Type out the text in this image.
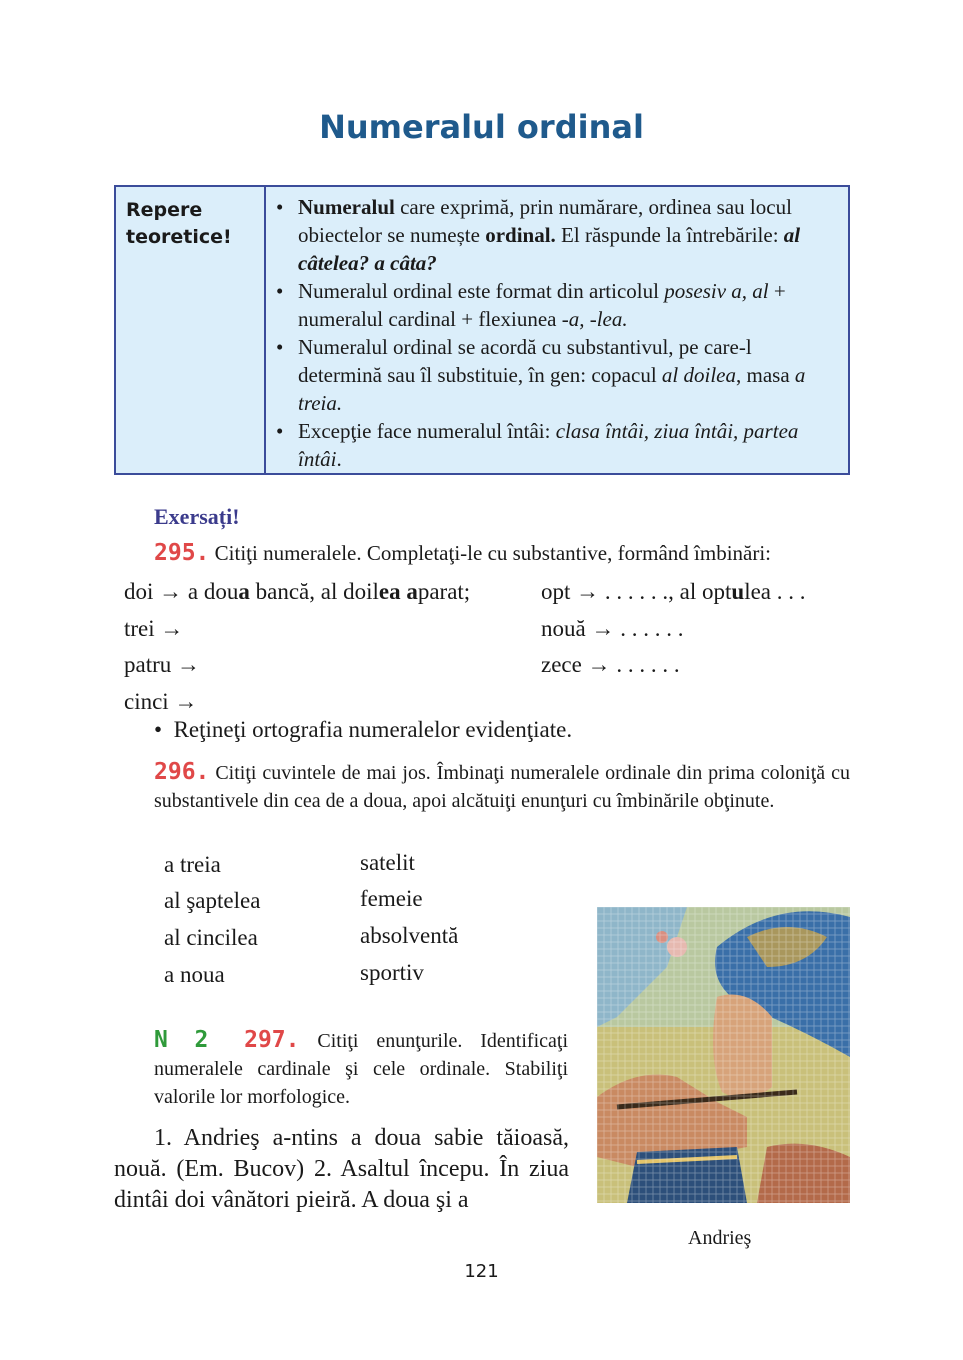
Numeralul ordinal
Repere
teoretice!
• Numeralul care exprimă, prin numărare, ordinea sau locul obiectelor se numește ordinal. El răspunde la întrebările: al câtelea? a câta?
• Numeralul ordinal este format din articolul posesiv a, al + numeralul cardinal + flexiunea -a, -lea.
• Numeralul ordinal se acordă cu substantivul, pe care-l determină sau îl substituie, în gen: copacul al doilea, masa a treia.
• Excepţie face numeralul întâi: clasa întâi, ziua întâi, partea întâi.
Exersați!
295. Citiţi numeralele. Completaţi-le cu substantive, formând îmbinări:
doi → a doua bancă, al doilea aparat;
trei →
patru →
cinci →
opt → . . . . . ., al optulea . . .
nouă → . . . . . .
zece → . . . . . .
•  Reţineţi ortografia numeralelor evidenţiate.
296. Citiţi cuvintele de mai jos. Îmbinaţi numeralele ordinale din prima coloniţă cu substantivele din cea de a doua, apoi alcătuiţi enunţuri cu îmbinările obţinute.
a treia
al şaptelea
al cincilea
a noua
satelit
femeie
absolventă
sportiv
N 2 297. Citiţi enunţurile. Identificaţi numeralele cardinale şi cele ordinale. Stabiliţi valorile lor morfologice.

1. Andrieş a-ntins a doua sabie tăioasă, nouă. (Em. Bucov) 2. Asaltul începu. În ziua dintâi doi vânători pieiră. A doua şi a

Andrieş
121
